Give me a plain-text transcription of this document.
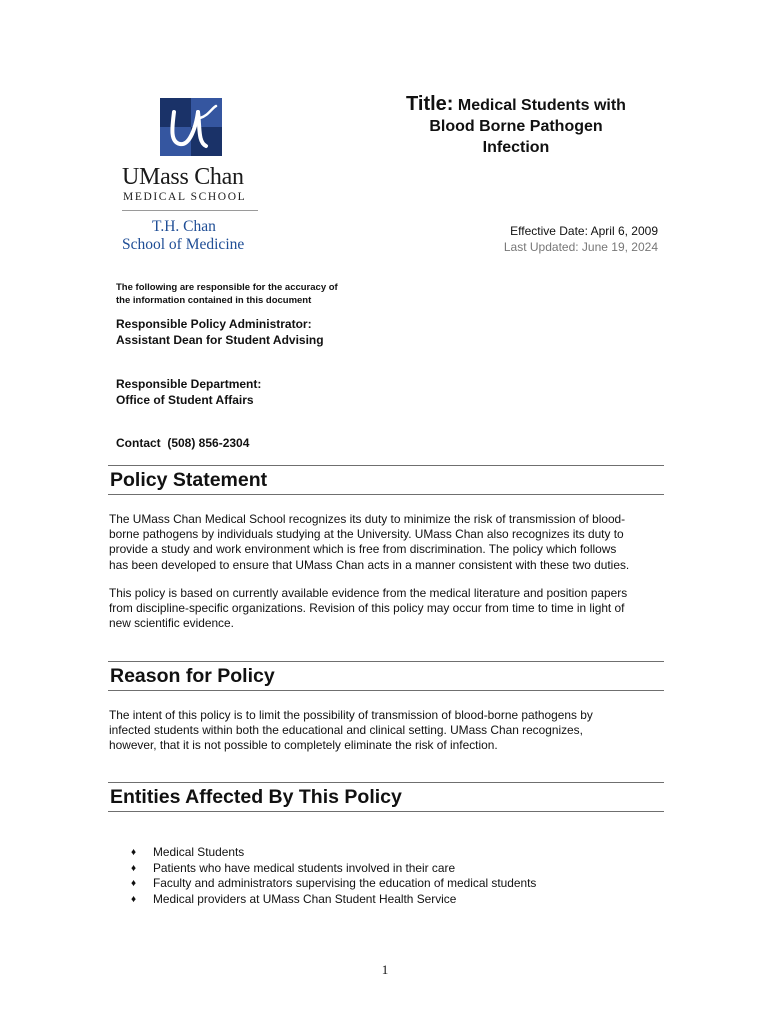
UMass Chan
MEDICAL SCHOOL
T.H. Chan
School of Medicine
Title: Medical Students with
Blood Borne Pathogen
Infection
Effective Date: April 6, 2009
Last Updated: June 19, 2024
The following are responsible for the accuracy of
the information contained in this document
Responsible Policy Administrator:
Assistant Dean for Student Advising
Responsible Department:
Office of Student Affairs
Contact  (508) 856-2304
Policy Statement
The UMass Chan Medical School recognizes its duty to minimize the risk of transmission of blood-
borne pathogens by individuals studying at the University. UMass Chan also recognizes its duty to
provide a study and work environment which is free from discrimination. The policy which follows
has been developed to ensure that UMass Chan acts in a manner consistent with these two duties.
This policy is based on currently available evidence from the medical literature and position papers
from discipline-specific organizations. Revision of this policy may occur from time to time in light of
new scientific evidence.
Reason for Policy
The intent of this policy is to limit the possibility of transmission of blood-borne pathogens by
infected students within both the educational and clinical setting. UMass Chan recognizes,
however, that it is not possible to completely eliminate the risk of infection.
Entities Affected By This Policy
♦	Medical Students
♦	Patients who have medical students involved in their care
♦	Faculty and administrators supervising the education of medical students
♦	Medical providers at UMass Chan Student Health Service
1
